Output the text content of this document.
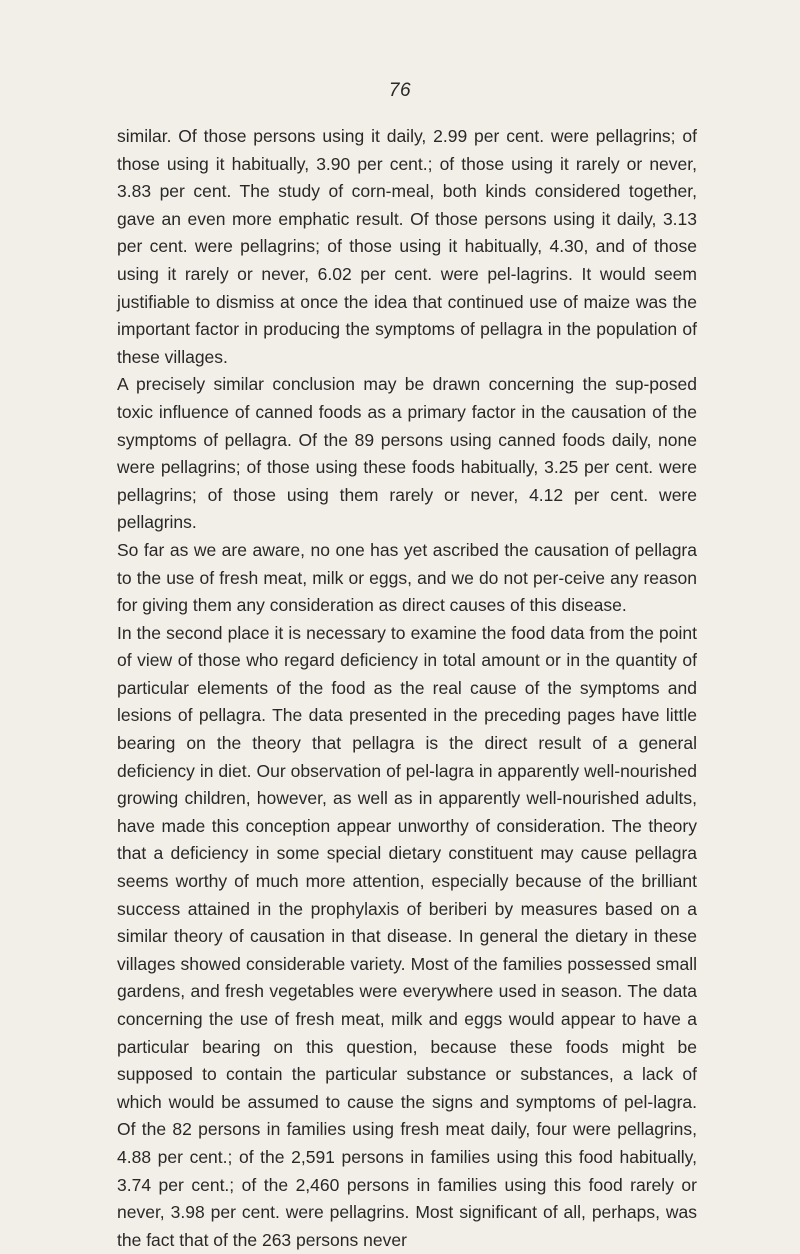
76

similar. Of those persons using it daily, 2.99 per cent. were pellagrins; of those using it habitually, 3.90 per cent.; of those using it rarely or never, 3.83 per cent. The study of corn-meal, both kinds considered together, gave an even more emphatic result. Of those persons using it daily, 3.13 per cent. were pellagrins; of those using it habitually, 4.30, and of those using it rarely or never, 6.02 per cent. were pel-lagrins. It would seem justifiable to dismiss at once the idea that continued use of maize was the important factor in producing the symptoms of pellagra in the population of these villages.

A precisely similar conclusion may be drawn concerning the sup-posed toxic influence of canned foods as a primary factor in the causation of the symptoms of pellagra. Of the 89 persons using canned foods daily, none were pellagrins; of those using these foods habitually, 3.25 per cent. were pellagrins; of those using them rarely or never, 4.12 per cent. were pellagrins.

So far as we are aware, no one has yet ascribed the causation of pellagra to the use of fresh meat, milk or eggs, and we do not per-ceive any reason for giving them any consideration as direct causes of this disease.

In the second place it is necessary to examine the food data from the point of view of those who regard deficiency in total amount or in the quantity of particular elements of the food as the real cause of the symptoms and lesions of pellagra. The data presented in the preceding pages have little bearing on the theory that pellagra is the direct result of a general deficiency in diet. Our observation of pel-lagra in apparently well-nourished growing children, however, as well as in apparently well-nourished adults, have made this conception appear unworthy of consideration. The theory that a deficiency in some special dietary constituent may cause pellagra seems worthy of much more attention, especially because of the brilliant success attained in the prophylaxis of beriberi by measures based on a similar theory of causation in that disease. In general the dietary in these villages showed considerable variety. Most of the families possessed small gardens, and fresh vegetables were everywhere used in season. The data concerning the use of fresh meat, milk and eggs would appear to have a particular bearing on this question, because these foods might be supposed to contain the particular substance or substances, a lack of which would be assumed to cause the signs and symptoms of pel-lagra. Of the 82 persons in families using fresh meat daily, four were pellagrins, 4.88 per cent.; of the 2,591 persons in families using this food habitually, 3.74 per cent.; of the 2,460 persons in families using this food rarely or never, 3.98 per cent. were pellagrins. Most significant of all, perhaps, was the fact that of the 263 persons never
